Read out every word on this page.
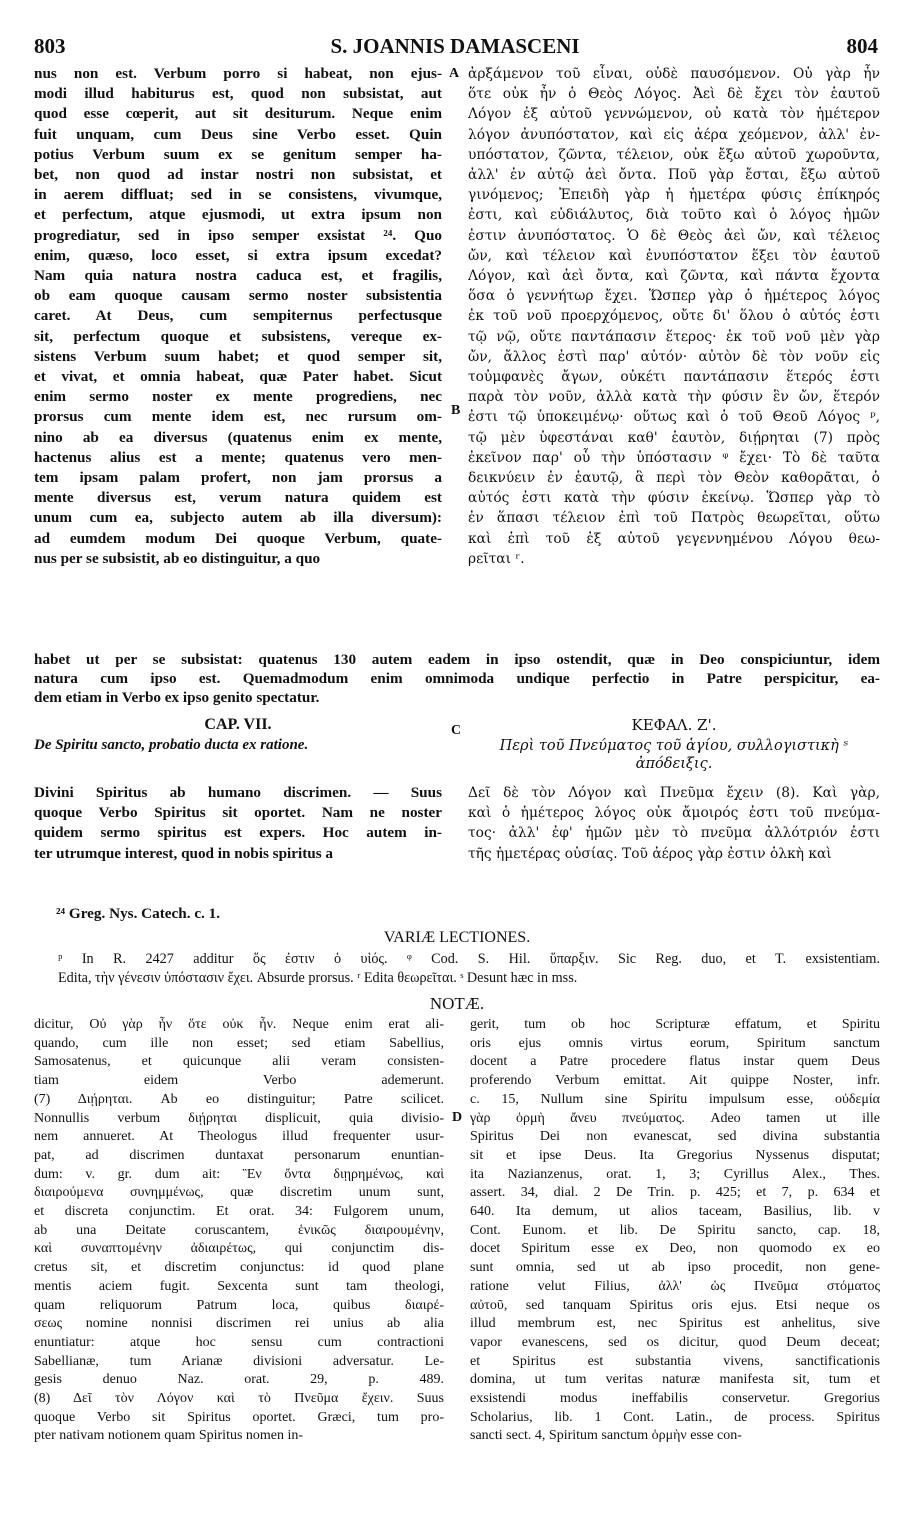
803	S. JOANNIS DAMASCENI	804
A
B
C
D
nus non est. Verbum porro si habeat, non ejus-
modi illud habiturus est, quod non subsistat, aut
quod esse cœperit, aut sit desiturum. Neque enim
fuit unquam, cum Deus sine Verbo esset. Quin
potius Verbum suum ex se genitum semper ha-
bet, non quod ad instar nostri non subsistat, et
in aerem diffluat; sed in se consistens, vivumque,
et perfectum, atque ejusmodi, ut extra ipsum non
progrediatur, sed in ipso semper exsistat ²⁴. Quo
enim, quæso, loco esset, si extra ipsum excedat?
Nam quia natura nostra caduca est, et fragilis,
ob eam quoque causam sermo noster subsistentia
caret. At Deus, cum sempiternus perfectusque
sit, perfectum quoque et subsistens, vereque ex-
sistens Verbum suum habet; et quod semper sit,
et vivat, et omnia habeat, quæ Pater habet. Sicut
enim sermo noster ex mente progrediens, nec
prorsus cum mente idem est, nec rursum om-
nino ab ea diversus (quatenus enim ex mente,
hactenus alius est a mente; quatenus vero men-
tem ipsam palam profert, non jam prorsus a
mente diversus est, verum natura quidem est
unum cum ea, subjecto autem ab illa diversum):
ad eumdem modum Dei quoque Verbum, quate-
nus per se subsistit, ab eo distinguitur, a quo
ἀρξάμενον τοῦ εἶναι, οὐδὲ παυσόμενον. Οὐ γὰρ ἦν
ὅτε οὐκ ἦν ὁ Θεὸς Λόγος. Ἀεὶ δὲ ἔχει τὸν ἑαυτοῦ
Λόγον ἐξ αὐτοῦ γεννώμενον, οὐ κατὰ τὸν ἡμέτερον
λόγον ἀνυπόστατον, καὶ εἰς ἀέρα χεόμενον, ἀλλ' ἐν-
υπόστατον, ζῶντα, τέλειον, οὐκ ἔξω αὐτοῦ χωροῦντα,
ἀλλ' ἐν αὐτῷ ἀεὶ ὄντα. Ποῦ γὰρ ἔσται, ἔξω αὐτοῦ
γινόμενος; Ἐπειδὴ γὰρ ἡ ἡμετέρα φύσις ἐπίκηρός
ἐστι, καὶ εὐδιάλυτος, διὰ τοῦτο καὶ ὁ λόγος ἡμῶν
ἐστιν ἀνυπόστατος. Ὁ δὲ Θεὸς ἀεὶ ὤν, καὶ τέλειος
ὤν, καὶ τέλειον καὶ ἐνυπόστατον ἕξει τὸν ἑαυτοῦ
Λόγον, καὶ ἀεὶ ὄντα, καὶ ζῶντα, καὶ πάντα ἔχοντα
ὅσα ὁ γεννήτωρ ἔχει. Ὥσπερ γὰρ ὁ ἡμέτερος λόγος
ἐκ τοῦ νοῦ προερχόμενος, οὔτε δι' ὅλου ὁ αὐτός ἐστι
τῷ νῷ, οὔτε παντάπασιν ἕτερος· ἐκ τοῦ νοῦ μὲν γὰρ
ὤν, ἄλλος ἐστὶ παρ' αὐτόν· αὐτὸν δὲ τὸν νοῦν εἰς
τοὐμφανὲς ἄγων, οὐκέτι παντάπασιν ἕτερός ἐστι
παρὰ τὸν νοῦν, ἀλλὰ κατὰ τὴν φύσιν ἓν ὤν, ἕτερόν
ἐστι τῷ ὑποκειμένῳ· οὕτως καὶ ὁ τοῦ Θεοῦ Λόγος ᵖ,
τῷ μὲν ὑφεστάναι καθ' ἑαυτὸν, διῄρηται (7) πρὸς
ἐκεῖνον παρ' οὗ τὴν ὑπόστασιν ᵠ ἔχει· Τὸ δὲ ταῦτα
δεικνύειν ἐν ἑαυτῷ, ἃ περὶ τὸν Θεὸν καθορᾶται, ὁ
αὐτός ἐστι κατὰ τὴν φύσιν ἐκείνῳ. Ὥσπερ γὰρ τὸ
ἐν ἅπασι τέλειον ἐπὶ τοῦ Πατρὸς θεωρεῖται, οὕτω
καὶ ἐπὶ τοῦ ἐξ αὐτοῦ γεγεννημένου Λόγου θεω-
ρεῖται ʳ.
habet ut per se subsistat: quatenus 130 autem eadem in ipso ostendit, quæ in Deo conspiciuntur, idem
natura cum ipso est. Quemadmodum enim omnimoda undique perfectio in Patre perspicitur, ea-
dem etiam in Verbo ex ipso genito spectatur.
CAP. VII.
De Spiritu sancto, probatio ducta ex ratione.
Divini Spiritus ab humano discrimen. — Suus
quoque Verbo Spiritus sit oportet. Nam ne noster
quidem sermo spiritus est expers. Hoc autem in-
ter utrumque interest, quod in nobis spiritus a
ΚΕΦΑΛ. Ζ'.
Περὶ τοῦ Πνεύματος τοῦ ἁγίου, συλλογιστικὴ ˢ ἀπόδειξις.
Δεῖ δὲ τὸν Λόγον καὶ Πνεῦμα ἔχειν (8). Καὶ γὰρ,
καὶ ὁ ἡμέτερος λόγος οὐκ ἄμοιρός ἐστι τοῦ πνεύμα-
τος· ἀλλ' ἐφ' ἡμῶν μὲν τὸ πνεῦμα ἀλλότριόν ἐστι
τῆς ἡμετέρας οὐσίας. Τοῦ ἀέρος γὰρ ἐστιν ὁλκὴ καὶ
²⁴ Greg. Nys. Catech. c. 1.
VARIÆ LECTIONES.
ᵖ In R. 2427 additur ὅς ἐστιν ὁ υἱός. ᵠ Cod. S. Hil. ὕπαρξιν. Sic Reg. duo, et T. exsistentiam.
Edita, τὴν γένεσιν ὑπόστασιν ἔχει. Absurde prorsus. ʳ Edita θεωρεῖται. ˢ Desunt hæc in mss.
NOTÆ.
dicitur, Οὐ γὰρ ἦν ὅτε οὐκ ἦν. Neque enim erat ali-
quando, cum ille non esset; sed etiam Sabellius,
Samosatenus, et quicunque alii veram consisten-
tiam eidem Verbo ademerunt.
(7) Διῄρηται. Ab eo distinguitur; Patre scilicet.
Nonnullis verbum διῄρηται displicuit, quia divisio-
nem annueret. At Theologus illud frequenter usur-
pat, ad discrimen duntaxat personarum enuntian-
dum: v. gr. dum ait: Ἓν ὄντα διῃρημένως, καὶ
διαιρούμενα συνημμένως, quæ discretim unum sunt,
et discreta conjunctim. Et orat. 34: Fulgorem unum,
ab una Deitate coruscantem, ἑνικῶς διαιρουμένην,
καὶ συναπτομένην ἀδιαιρέτως, qui conjunctim dis-
cretus sit, et discretim conjunctus: id quod plane
mentis aciem fugit. Sexcenta sunt tam theologi,
quam reliquorum Patrum loca, quibus διαιρέ-
σεως nomine nonnisi discrimen rei unius ab alia
enuntiatur: atque hoc sensu cum contractioni
Sabellianæ, tum Arianæ divisioni adversatur. Le-
gesis denuo Naz. orat. 29, p. 489.
(8) Δεῖ τὸν Λόγον καὶ τὸ Πνεῦμα ἔχειν. Suus
quoque Verbo sit Spiritus oportet. Græci, tum pro-
pter nativam notionem quam Spiritus nomen in-
gerit, tum ob hoc Scripturæ effatum, et Spiritu
oris ejus omnis virtus eorum, Spiritum sanctum
docent a Patre procedere flatus instar quem Deus
proferendo Verbum emittat. Ait quippe Noster, infr.
c. 15, Nullum sine Spiritu impulsum esse, οὐδεμία
γὰρ ὁρμὴ ἄνευ πνεύματος. Adeo tamen ut ille
Spiritus Dei non evanescat, sed divina substantia
sit et ipse Deus. Ita Gregorius Nyssenus disputat;
ita Nazianzenus, orat. 1, 3; Cyrillus Alex., Thes.
assert. 34, dial. 2 De Trin. p. 425; et 7, p. 634 et
640. Ita demum, ut alios taceam, Basilius, lib. v
Cont. Eunom. et lib. De Spiritu sancto, cap. 18,
docet Spiritum esse ex Deo, non quomodo ex eo
sunt omnia, sed ut ab ipso procedit, non gene-
ratione velut Filius, ἀλλ' ὡς Πνεῦμα στόματος
αὐτοῦ, sed tanquam Spiritus oris ejus. Etsi neque os
illud membrum est, nec Spiritus est anhelitus, sive
vapor evanescens, sed os dicitur, quod Deum deceat;
et Spiritus est substantia vivens, sanctificationis
domina, ut tum veritas naturæ manifesta sit, tum et
exsistendi modus ineffabilis conservetur. Gregorius
Scholarius, lib. 1 Cont. Latin., de process. Spiritus
sancti sect. 4, Spiritum sanctum ὁρμὴν esse con-
